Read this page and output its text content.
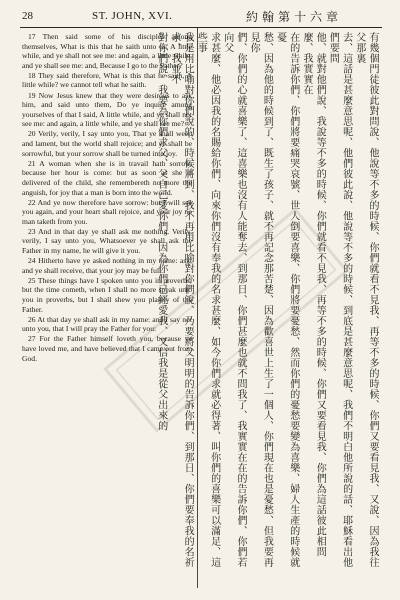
28	ST. JOHN, XVI.	約翰第十六章

17 Then said some of his disciples among themselves, What is this that he saith unto us, A little while, and ye shall not see me: and again, a little while, and ye shall see me: and, Because I go to the Father?

18 They said therefore, What is this that he saith, A little while? we cannot tell what he saith.

19 Now Jesus knew that they were desirous to ask him, and said unto them, Do ye inquire among yourselves of that I said, A little while, and ye shall not see me: and again, a little while, and ye shall see me?

20 Verily, verily, I say unto you, That ye shall weep and lament, but the world shall rejoice; and ye shall be sorrowful, but your sorrow shall be turned into joy.

21 A woman when she is in travail hath sorrow, because her hour is come: but as soon as she is delivered of the child, she remembereth no more the anguish, for joy that a man is born into the world.

22 And ye now therefore have sorrow: but I will see you again, and your heart shall rejoice, and your joy no man taketh from you.

23 And in that day ye shall ask me nothing. Verily, verily, I say unto you, Whatsoever ye shall ask the Father in my name, he will give it you.

24 Hitherto have ye asked nothing in my name: ask, and ye shall receive, that your joy may be full.

25 These things have I spoken unto you in proverbs: but the time cometh, when I shall no more speak unto you in proverbs, but I shall shew you plainly of the Father.

26 At that day ye shall ask in my name: and I say not unto you, that I will pray the Father for you:

27 For the Father himself loveth you, because ye have loved me, and have believed that I came out from God.	有幾個門徒彼此對問說、他說等不多的時候、你們就看不見我、再等不多的時候、你們又要看見我、又說、因為我往父那裏

去、這話是甚麼意思呢、他們彼此說、他說等不多的時候、到底是甚麼意思呢、我們不明白他所說的話、耶穌看出他們要問

他、就對他們說、我說等不多的時候、你們就看不見我、再等不多的時候、你們又要看見我、你們為這話彼此相問麼、我實實在

在的告訴你們、你們將要痛哭哀號、世人倒要喜樂、你們將要憂愁、然而你們的憂愁要變為喜樂、婦人生產的時候就憂

愁、因為他的時候到了、既生了孩子、就不再記念那苦楚、因為歡喜世上生了一個人、你們現在也是憂愁、但我要再見你

們、你們的心就喜樂了、這喜樂也沒有人能奪去、到那日、你們甚麼也就不問我了、我實實在在的告訴你們、你們若向父

求甚麼、他必因我的名賜給你們、向來你們沒有奉我的名求甚麼、如今你們求就必得著、叫你們的喜樂可以滿足、這些事

我是用比喻對你們說的、時候將到、我不再用比喻對你們說、乃要將父明明的告訴你們、到那日、你們要奉我的名祈求、我並不

對你們說、我要為你們求父、父自己愛你們、因為你們已經愛我、又信我是從父出來的
